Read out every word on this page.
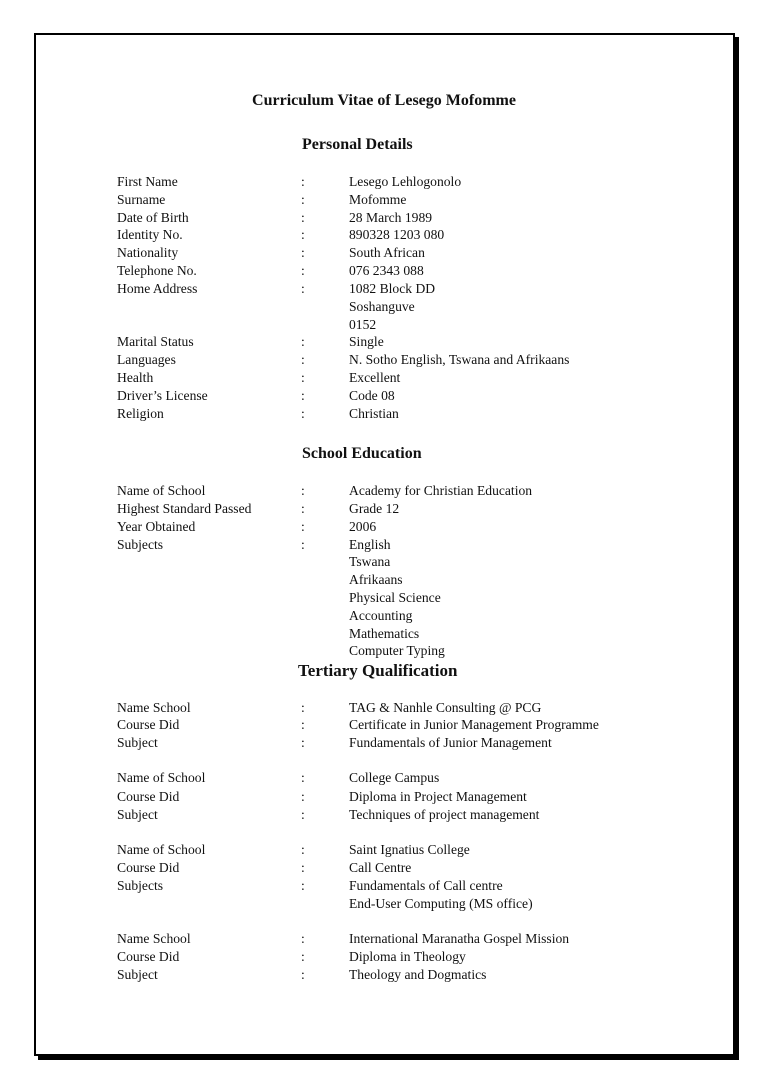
Curriculum Vitae of Lesego Mofomme
Personal Details
First Name	:	Lesego Lehlogonolo
Surname	:	Mofomme
Date of Birth	:	28 March 1989
Identity No.	:	890328 1203 080
Nationality	:	South African
Telephone No.	:	076 2343 088
Home Address	:	1082 Block DD
Soshanguve
0152
Marital Status	:	Single
Languages	:	N. Sotho English, Tswana and Afrikaans
Health	:	Excellent
Driver’s License	:	Code 08
Religion	:	Christian
School Education
Name of School	:	Academy for Christian Education
Highest Standard Passed	:	Grade 12
Year Obtained	:	2006
Subjects	:	English
Tswana
Afrikaans
Physical Science
Accounting
Mathematics
Computer Typing
Tertiary Qualification
Name School	:	TAG & Nanhle Consulting @ PCG
Course Did	:	Certificate in Junior Management Programme
Subject	:	Fundamentals of Junior Management
Name of School	:	College Campus
Course Did	:	Diploma in Project Management
Subject	:	Techniques of project management
Name of School	:	Saint Ignatius College
Course Did	:	Call Centre
Subjects	:	Fundamentals of Call centre
End-User Computing (MS office)
Name School	:	International Maranatha Gospel Mission
Course Did	:	Diploma in Theology
Subject	:	Theology and Dogmatics
